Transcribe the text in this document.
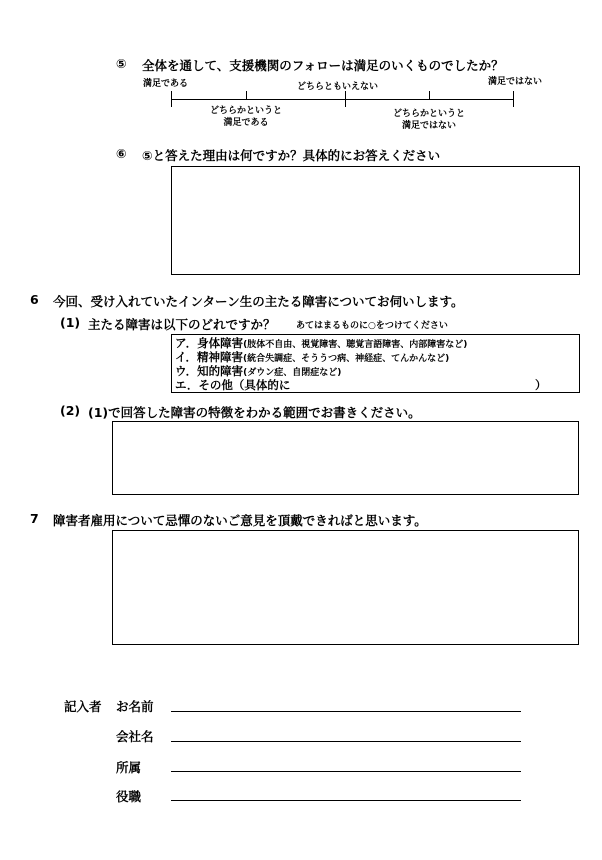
⑤ 全体を通して、支援機関のフォローは満足のいくものでしたか？
満足である	どちらともいえない	満足ではない
どちらかというと
満足である
どちらかというと
満足ではない
⑥ ⑤と答えた理由は何ですか？具体的にお答えください
6 今回、受け入れていたインターン生の主たる障害についてお伺いします。
(1) 主たる障害は以下のどれですか？ あてはまるものに○をつけてください
ア．身体障害(肢体不自由、視覚障害、聴覚言語障害、内部障害など)
イ．精神障害(統合失調症、そううつ病、神経症、てんかんなど)
ウ．知的障害(ダウン症、自閉症など)
エ．その他（具体的に	）
(2) (1)で回答した障害の特徴をわかる範囲でお書きください。
7 障害者雇用について忌憚のないご意見を頂戴できればと思います。
記入者 お名前
会社名
所属
役職
